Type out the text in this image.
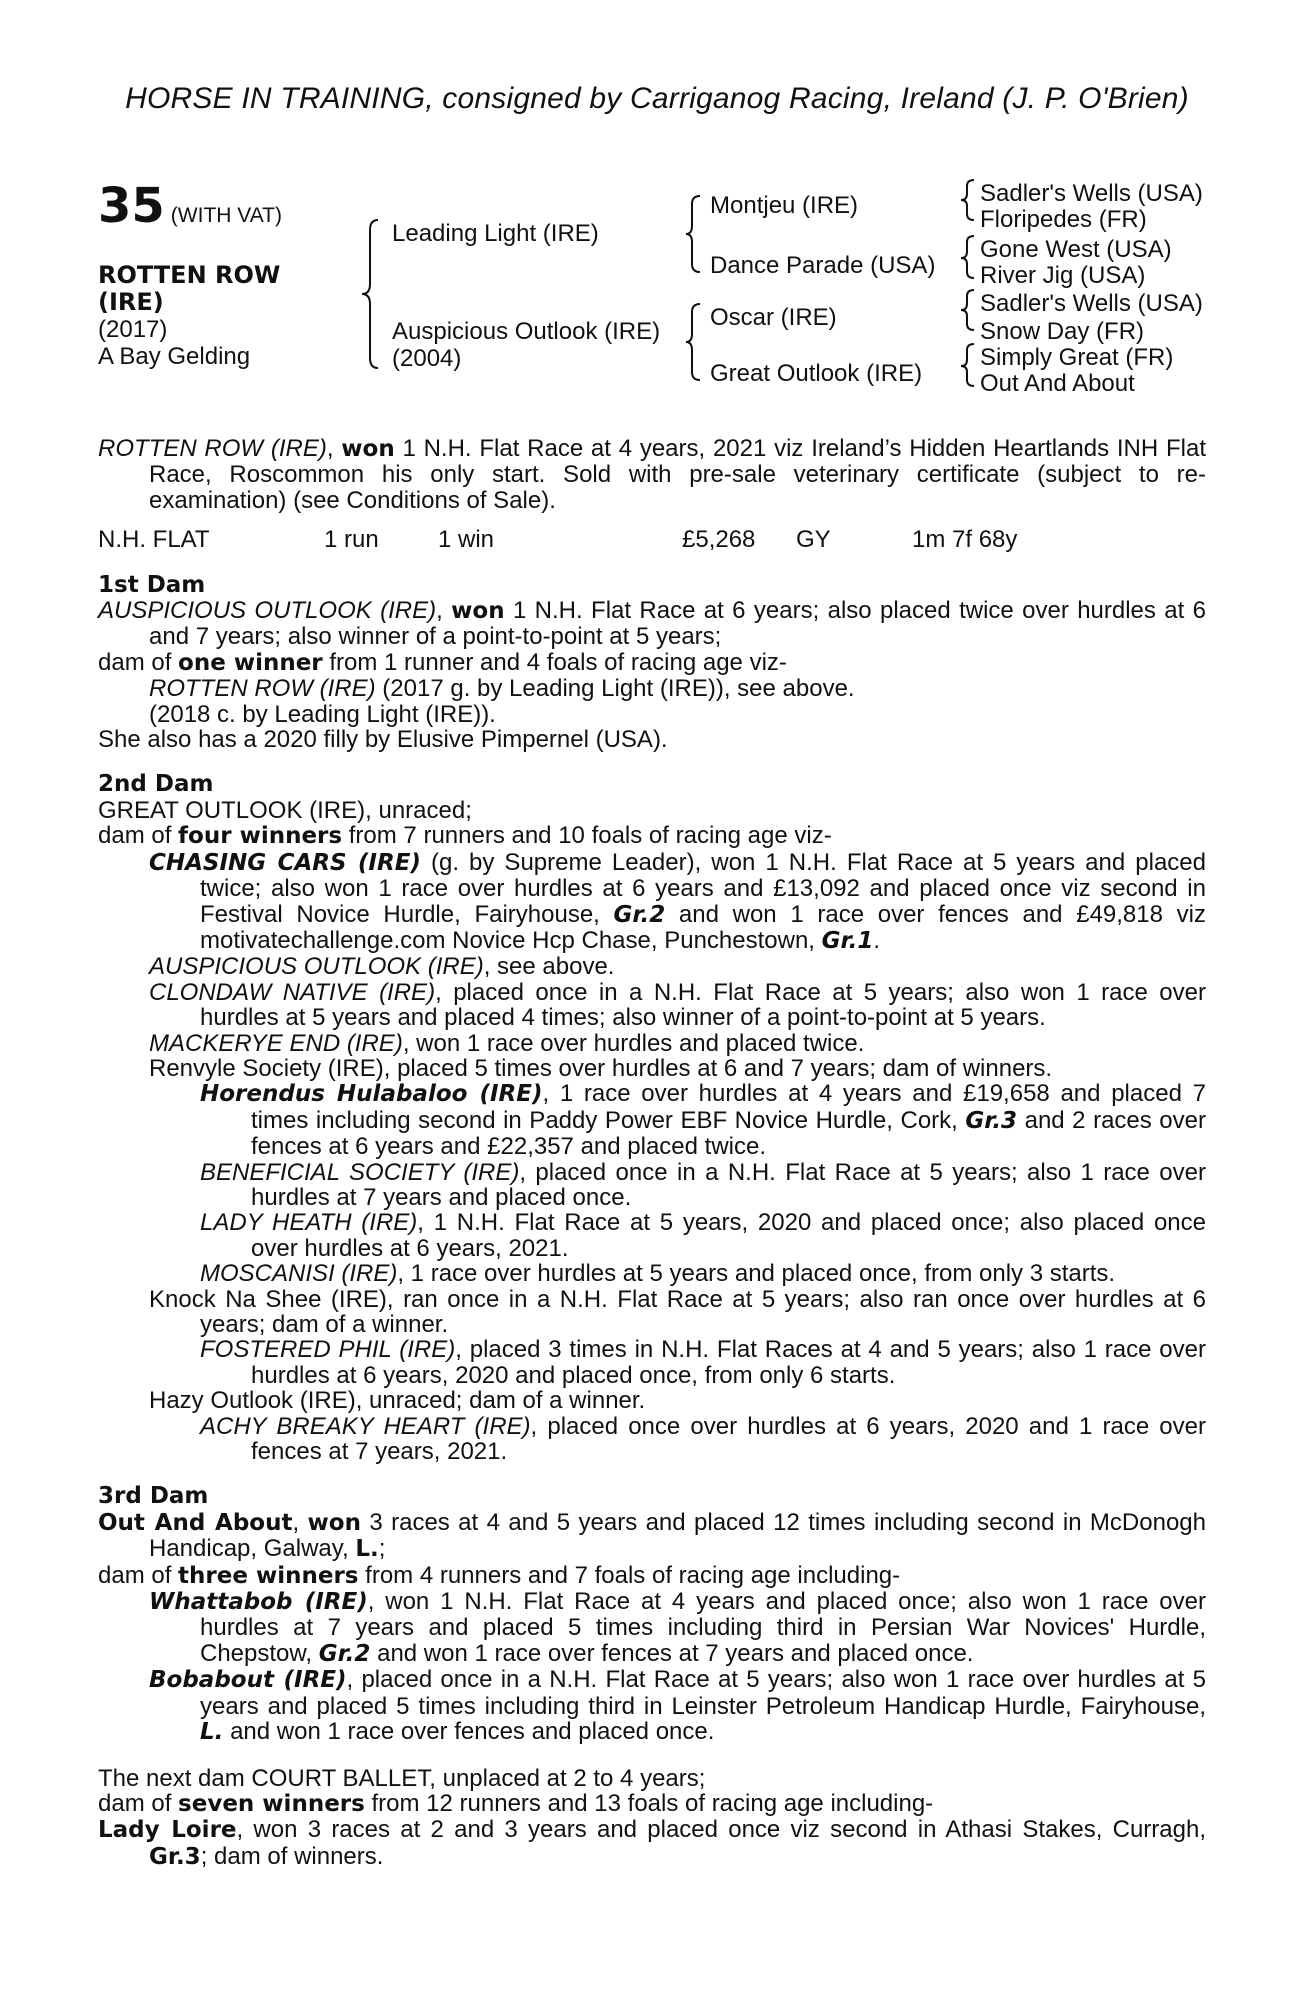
HORSE IN TRAINING, consigned by Carriganog Racing, Ireland (J. P. O'Brien)
35 (WITH VAT)
ROTTEN ROW (IRE)
(2017)
A Bay Gelding
Leading Light (IRE)
Auspicious Outlook (IRE)
(2004)
Montjeu (IRE)
Dance Parade (USA)
Oscar (IRE)
Great Outlook (IRE)
Sadler's Wells (USA)
Floripedes (FR)
Gone West (USA)
River Jig (USA)
Sadler's Wells (USA)
Snow Day (FR)
Simply Great (FR)
Out And About
ROTTEN ROW (IRE), won 1 N.H. Flat Race at 4 years, 2021 viz Ireland’s Hidden Heartlands INH Flat Race, Roscommon his only start. Sold with pre-sale veterinary certificate (subject to re-examination) (see Conditions of Sale).
N.H. FLAT	1 run	1 win	£5,268	GY	1m 7f 68y
1st Dam
AUSPICIOUS OUTLOOK (IRE), won 1 N.H. Flat Race at 6 years; also placed twice over hurdles at 6 and 7 years; also winner of a point-to-point at 5 years;
dam of one winner from 1 runner and 4 foals of racing age viz-
ROTTEN ROW (IRE) (2017 g. by Leading Light (IRE)), see above.
(2018 c. by Leading Light (IRE)).
She also has a 2020 filly by Elusive Pimpernel (USA).
2nd Dam
GREAT OUTLOOK (IRE), unraced;
dam of four winners from 7 runners and 10 foals of racing age viz-
CHASING CARS (IRE) (g. by Supreme Leader), won 1 N.H. Flat Race at 5 years and placed twice; also won 1 race over hurdles at 6 years and £13,092 and placed once viz second in Festival Novice Hurdle, Fairyhouse, Gr.2 and won 1 race over fences and £49,818 viz motivatechallenge.com Novice Hcp Chase, Punchestown, Gr.1.
AUSPICIOUS OUTLOOK (IRE), see above.
CLONDAW NATIVE (IRE), placed once in a N.H. Flat Race at 5 years; also won 1 race over hurdles at 5 years and placed 4 times; also winner of a point-to-point at 5 years.
MACKERYE END (IRE), won 1 race over hurdles and placed twice.
Renvyle Society (IRE), placed 5 times over hurdles at 6 and 7 years; dam of winners.
Horendus Hulabaloo (IRE), 1 race over hurdles at 4 years and £19,658 and placed 7 times including second in Paddy Power EBF Novice Hurdle, Cork, Gr.3 and 2 races over fences at 6 years and £22,357 and placed twice.
BENEFICIAL SOCIETY (IRE), placed once in a N.H. Flat Race at 5 years; also 1 race over hurdles at 7 years and placed once.
LADY HEATH (IRE), 1 N.H. Flat Race at 5 years, 2020 and placed once; also placed once over hurdles at 6 years, 2021.
MOSCANISI (IRE), 1 race over hurdles at 5 years and placed once, from only 3 starts.
Knock Na Shee (IRE), ran once in a N.H. Flat Race at 5 years; also ran once over hurdles at 6 years; dam of a winner.
FOSTERED PHIL (IRE), placed 3 times in N.H. Flat Races at 4 and 5 years; also 1 race over hurdles at 6 years, 2020 and placed once, from only 6 starts.
Hazy Outlook (IRE), unraced; dam of a winner.
ACHY BREAKY HEART (IRE), placed once over hurdles at 6 years, 2020 and 1 race over fences at 7 years, 2021.
3rd Dam
Out And About, won 3 races at 4 and 5 years and placed 12 times including second in McDonogh Handicap, Galway, L.;
dam of three winners from 4 runners and 7 foals of racing age including-
Whattabob (IRE), won 1 N.H. Flat Race at 4 years and placed once; also won 1 race over hurdles at 7 years and placed 5 times including third in Persian War Novices' Hurdle, Chepstow, Gr.2 and won 1 race over fences at 7 years and placed once.
Bobabout (IRE), placed once in a N.H. Flat Race at 5 years; also won 1 race over hurdles at 5 years and placed 5 times including third in Leinster Petroleum Handicap Hurdle, Fairyhouse, L. and won 1 race over fences and placed once.
The next dam COURT BALLET, unplaced at 2 to 4 years;
dam of seven winners from 12 runners and 13 foals of racing age including-
Lady Loire, won 3 races at 2 and 3 years and placed once viz second in Athasi Stakes, Curragh, Gr.3; dam of winners.
